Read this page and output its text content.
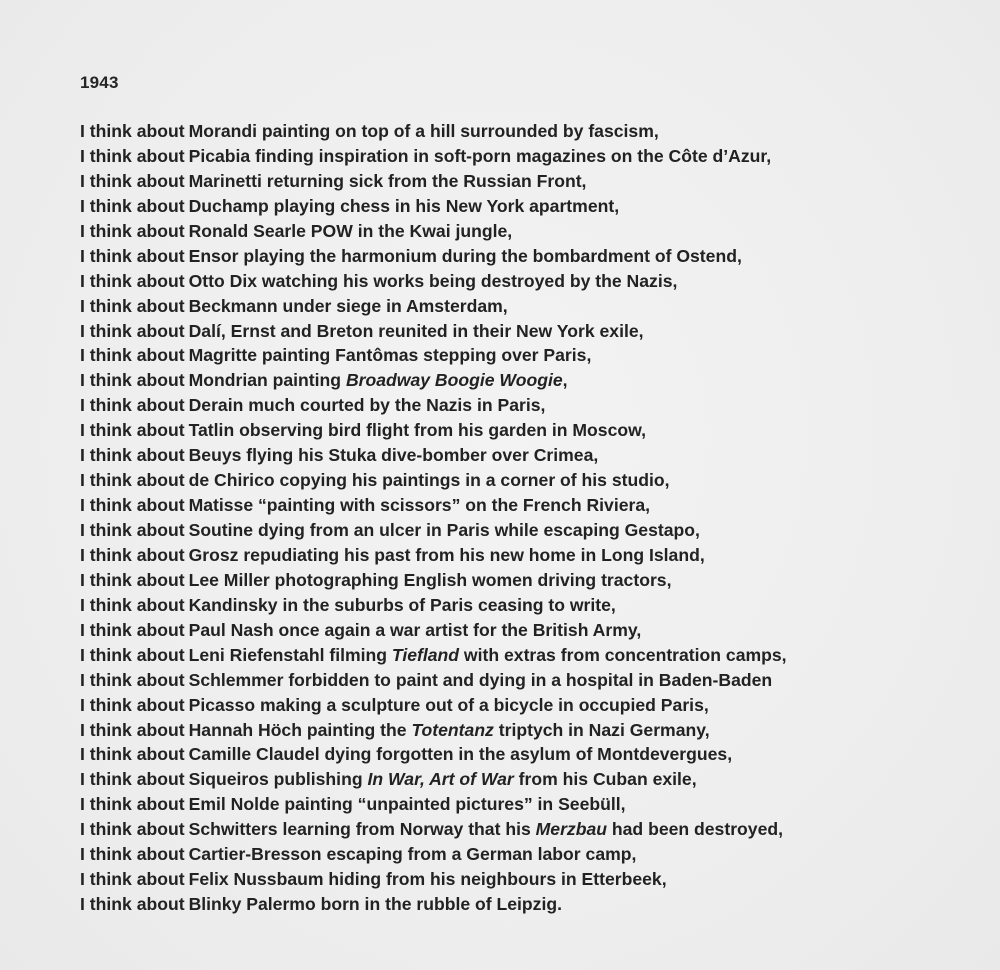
1943
I think about Morandi painting on top of a hill surrounded by fascism,
I think about Picabia finding inspiration in soft-porn magazines on the Côte d’Azur,
I think about Marinetti returning sick from the Russian Front,
I think about Duchamp playing chess in his New York apartment,
I think about Ronald Searle POW in the Kwai jungle,
I think about Ensor playing the harmonium during the bombardment of Ostend,
I think about Otto Dix watching his works being destroyed by the Nazis,
I think about Beckmann under siege in Amsterdam,
I think about Dalí, Ernst and Breton reunited in their New York exile,
I think about Magritte painting Fantômas stepping over Paris,
I think about Mondrian painting Broadway Boogie Woogie,
I think about Derain much courted by the Nazis in Paris,
I think about Tatlin observing bird flight from his garden in Moscow,
I think about Beuys flying his Stuka dive-bomber over Crimea,
I think about de Chirico copying his paintings in a corner of his studio,
I think about Matisse “painting with scissors” on the French Riviera,
I think about Soutine dying from an ulcer in Paris while escaping Gestapo,
I think about Grosz repudiating his past from his new home in Long Island,
I think about Lee Miller photographing English women driving tractors,
I think about Kandinsky in the suburbs of Paris ceasing to write,
I think about Paul Nash once again a war artist for the British Army,
I think about Leni Riefenstahl filming Tiefland with extras from concentration camps,
I think about Schlemmer forbidden to paint and dying in a hospital in Baden-Baden
I think about Picasso making a sculpture out of a bicycle in occupied Paris,
I think about Hannah Höch painting the Totentanz triptych in Nazi Germany,
I think about Camille Claudel dying forgotten in the asylum of Montdevergues,
I think about Siqueiros publishing In War, Art of War from his Cuban exile,
I think about Emil Nolde painting “unpainted pictures” in Seebüll,
I think about Schwitters learning from Norway that his Merzbau had been destroyed,
I think about Cartier-Bresson escaping from a German labor camp,
I think about Felix Nussbaum hiding from his neighbours in Etterbeek,
I think about Blinky Palermo born in the rubble of Leipzig.
